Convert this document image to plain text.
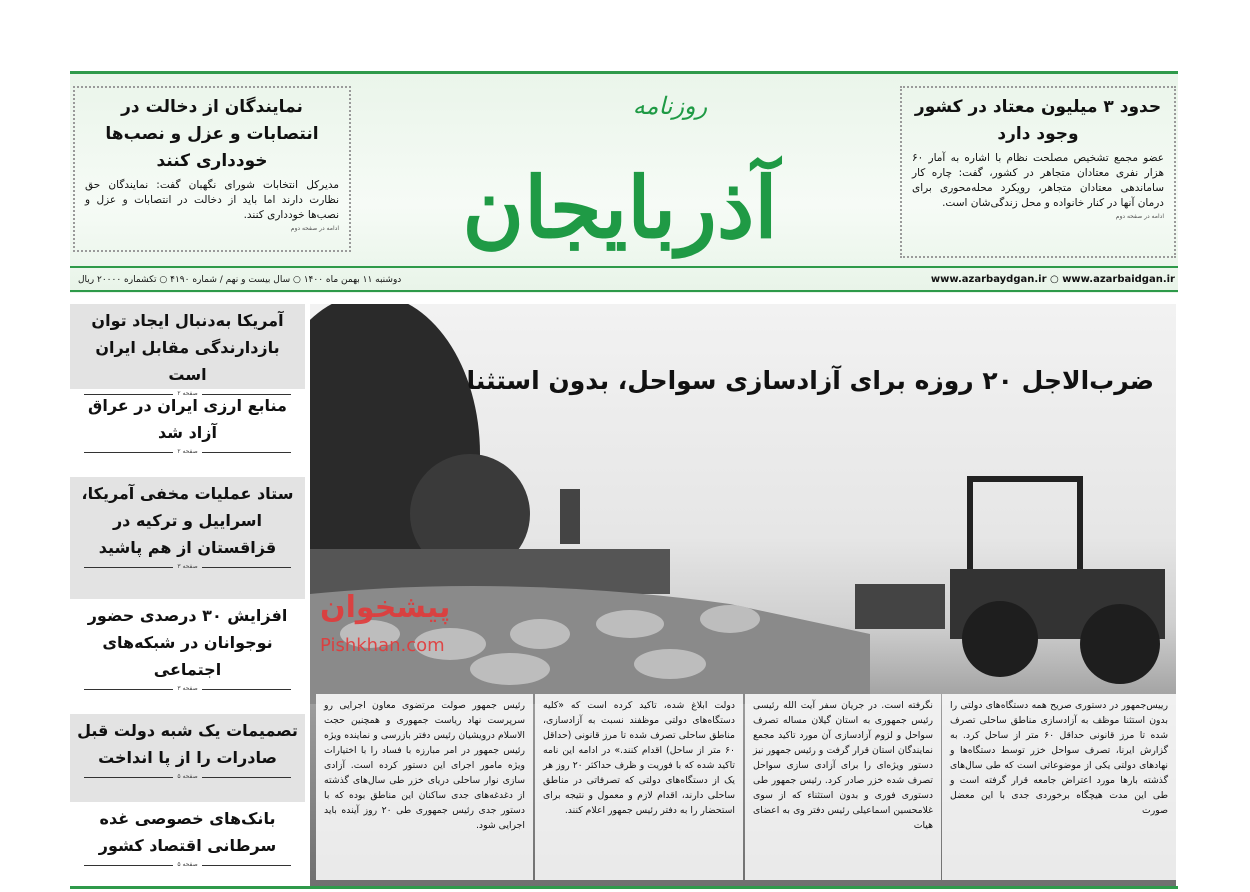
حدود ۳ میلیون معتاد در کشور وجود دارد

عضو مجمع تشخیص مصلحت نظام با اشاره به آمار ۶۰ هزار نفری معتادان متجاهر در کشور، گفت: چاره کار ساماندهی معتادان متجاهر، رویکرد محله‌محوری برای درمان آنها در کنار خانواده و محل زندگی‌شان است.

ادامه در صفحه دوم
نمایندگان از دخالت در انتصابات و عزل و نصب‌ها خودداری کنند

مدیرکل انتخابات شورای نگهبان گفت: نمایندگان حق نظارت دارند اما باید از دخالت در انتصابات و عزل و نصب‌ها خودداری کنند.

ادامه در صفحه دوم
روزنامه
آذربایجان
دوشنبه ۱۱ بهمن ماه ۱۴۰۰ ○ سال بیست و نهم / شماره ۴۱۹۰ ○ تکشماره ۲۰۰۰۰ ریال	www.azarbaydgan.ir ○ www.azarbaidgan.ir
آمریکا به‌دنبال ایجاد توان بازدارندگی مقابل ایران است
صفحه ۲
منابع ارزی ایران در عراق آزاد شد
صفحه ۲
ستاد عملیات مخفی آمریکا، اسراییل و ترکیه در قزاقستان از هم پاشید
صفحه ۳
افزایش ۳۰ درصدی حضور نوجوانان در شبکه‌های اجتماعی
صفحه ۳
تصمیمات یک شبه دولت قبل صادرات را از پا انداخت
صفحه ۵
بانک‌های خصوصی غده سرطانی اقتصاد کشور
صفحه ۵
ضرب‌الاجل ۲۰ روزه برای آزادسازی سواحل، بدون استثنا
رییس‌جمهور در دستوری صریح همه دستگاه‌های دولتی را بدون استثنا موظف به آزادسازی مناطق ساحلی تصرف شده تا مرز قانونی حداقل ۶۰ متر از ساحل کرد. به گزارش ایرنا، تصرف سواحل خزر توسط دستگاه‌ها و نهادهای دولتی یکی از موضوعاتی است که طی سال‌های گذشته بارها مورد اعتراض جامعه قرار گرفته است و طی این مدت هیچگاه برخوردی جدی با این معضل صورت
نگرفته است. در جریان سفر آیت الله رئیسی رئیس جمهوری به استان گیلان مساله تصرف سواحل و لزوم آزادسازی آن مورد تاکید مجمع نمایندگان استان قرار گرفت و رئیس جمهور نیز دستور ویژه‌ای را برای آزادی سازی سواحل تصرف شده خزر صادر کرد. رئیس جمهور طی دستوری فوری و بدون استثناء که از سوی غلامحسین اسماعیلی رئیس دفتر وی به اعضای هیات
دولت ابلاغ شده، تاکید کرده است که «کلیه دستگاه‌های دولتی موظفند نسبت به آزادسازی، مناطق ساحلی تصرف شده تا مرز قانونی (حداقل ۶۰ متر از ساحل) اقدام کنند.» در ادامه این نامه تاکید شده که با فوریت و ظرف حداکثر ۲۰ روز هر یک از دستگاه‌های دولتی که تصرفاتی در مناطق ساحلی دارند، اقدام لازم و معمول و نتیجه برای استحضار را به دفتر رئیس جمهور اعلام کنند.
رئیس جمهور صولت مرتضوی معاون اجرایی رو سرپرست نهاد ریاست جمهوری و همچنین حجت الاسلام درویشیان رئیس دفتر بازرسی و نماینده ویژه رئیس جمهور در امر مبارزه با فساد را با اختیارات ویژه مامور اجرای این دستور کرده است. آزادی سازی نوار ساحلی دریای خزر طی سال‌های گذشته از دغدغه‌های جدی ساکنان این مناطق بوده که با دستور جدی رئیس جمهوری طی ۲۰ روز آینده باید اجرایی شود.
پیشخوان
Pishkhan.com
